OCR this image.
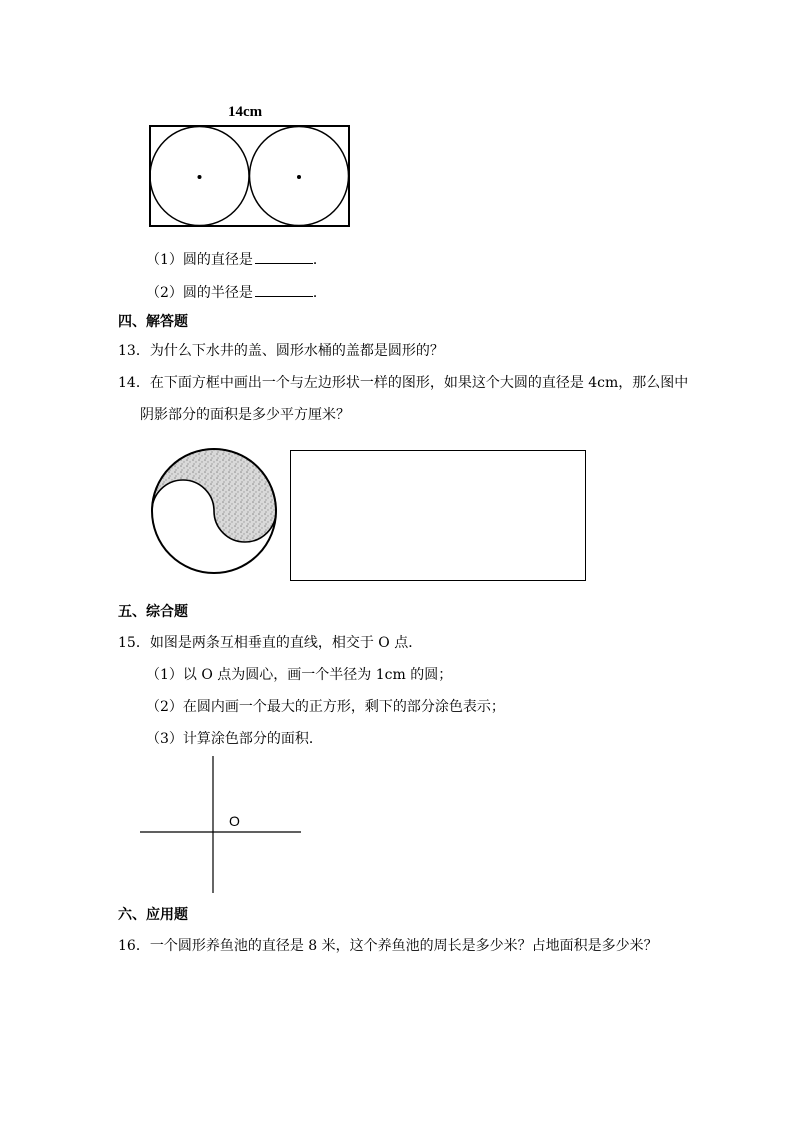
14cm
（1）圆的直径是	．
（2）圆的半径是	．
四、解答题
13．为什么下水井的盖、圆形水桶的盖都是圆形的？
14．在下面方框中画出一个与左边形状一样的图形，如果这个大圆的直径是 4cm，那么图中
阴影部分的面积是多少平方厘米？
五、综合题
15．如图是两条互相垂直的直线，相交于 O 点．
（1）以 O 点为圆心，画一个半径为 1cm 的圆；
（2）在圆内画一个最大的正方形，剩下的部分涂色表示；
（3）计算涂色部分的面积．
O
六、应用题
16．一个圆形养鱼池的直径是 8 米，这个养鱼池的周长是多少米？占地面积是多少米？
